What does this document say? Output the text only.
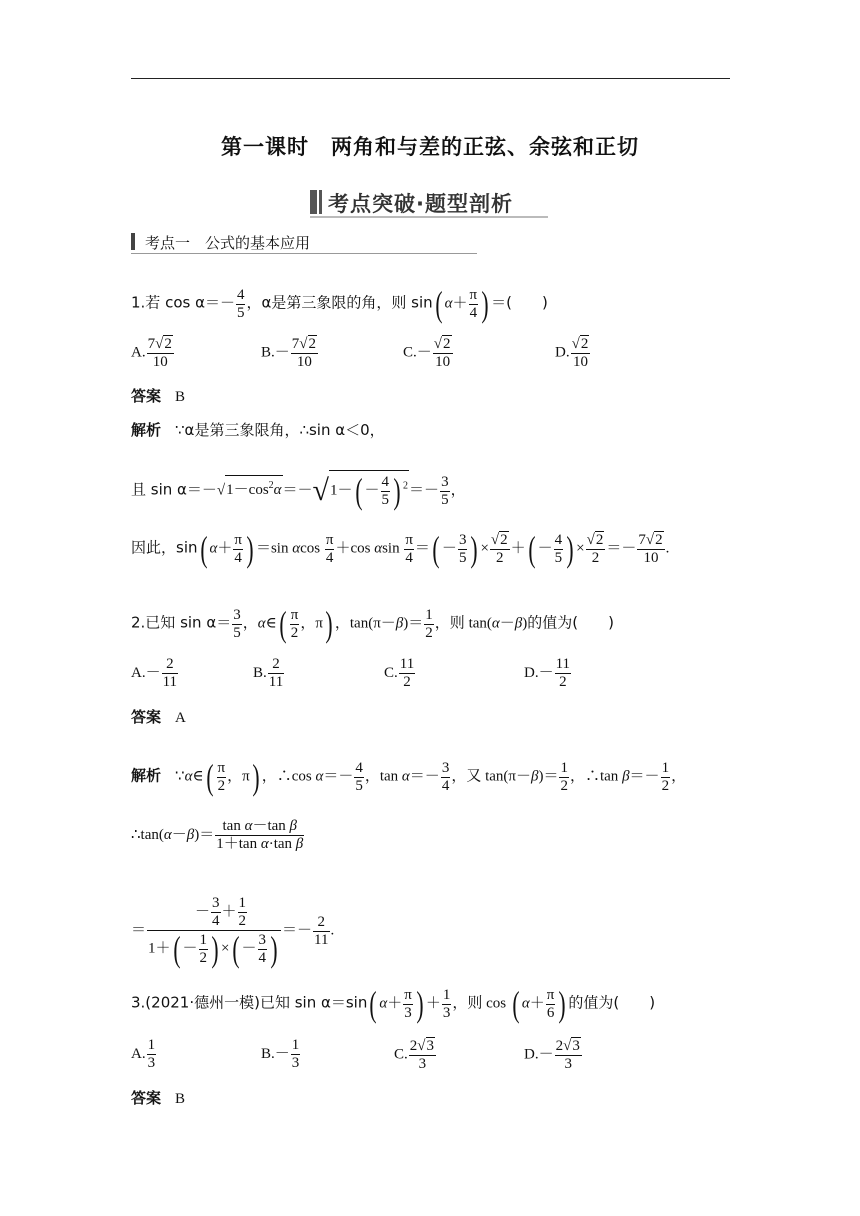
第一课时　两角和与差的正弦、余弦和正切
考点突破·题型剖析
考点一　公式的基本应用
1.若 $\cos \alpha=- \frac{4}{5}$ ，α是第三象限的角，则 sin( $\alpha+ \frac{\pi}{4}$ ) ＝(　　)
A. $\frac{7√2}{10}$	$B.- \frac{7√2}{10}$	$C.- \frac{√2}{10}$	D. $\frac{√2}{10}$
答案 B
解析 ∵α是第三象限角，∴sin α＜0，
且 $\sin \alpha=-√1-\cos^2\alpha=-√1-( - \frac{4}{5}$ ) $^2=- \frac{3}{5}$ ，
因此，sin( $\alpha+ \frac{\pi}{4}$ ) ＝sin αcos $\frac{\pi}{4} +\cos$ αsin $\frac{\pi}{4}$ ＝( － $\frac{3}{5}$ ) × $\frac{√2}{2}$ ＋( － $\frac{4}{5}$ ) × $\frac{√2}{2} =- \frac{7√2}{10}$ .
2.已知 $\sin \alpha= \frac{3}{5}$ ，α∈( $\frac{\pi}{2}$ ，π) ，$\tan(\pi-\beta)= \frac{1}{2}$ ，则 tan(α－β)的值为(　　)
$A.- \frac{2}{11}$	B. $\frac{2}{11}$	C. $\frac{11}{2}$	$D.- \frac{11}{2}$
答案 A
解析 ∵α∈( $\frac{\pi}{2}$ ，π) ，∴cos $\alpha=- \frac{4}{5}$ ，$\tan \alpha=- \frac{3}{4}$ ，又 $\tan(\pi-\beta)= \frac{1}{2}$ ，∴tan $\beta=- \frac{1}{2}$ ，
∴tan(α－β)＝ $\frac{\text{tan α－tan β}}{\text{1＋tan α·tan β}}$
＝ 　$\frac{- \frac{3}{4} + \frac{1}{2}}{1+( - \frac{1}{2} ) \times( - \frac{3}{4} )} =- \frac{2}{11}$ .
3.(2021·德州一模)已知 sin α＝sin( $\alpha+ \frac{\pi}{3}$ ) ＋ $\frac{1}{3}$ ，则 cos ( $\alpha+ \frac{\pi}{6}$ ) 的值为(　　)
A. $\frac{1}{3}$	$B.- \frac{1}{3}$	C. $\frac{2√3}{3}$	$D.- \frac{2√3}{3}$
答案 B
